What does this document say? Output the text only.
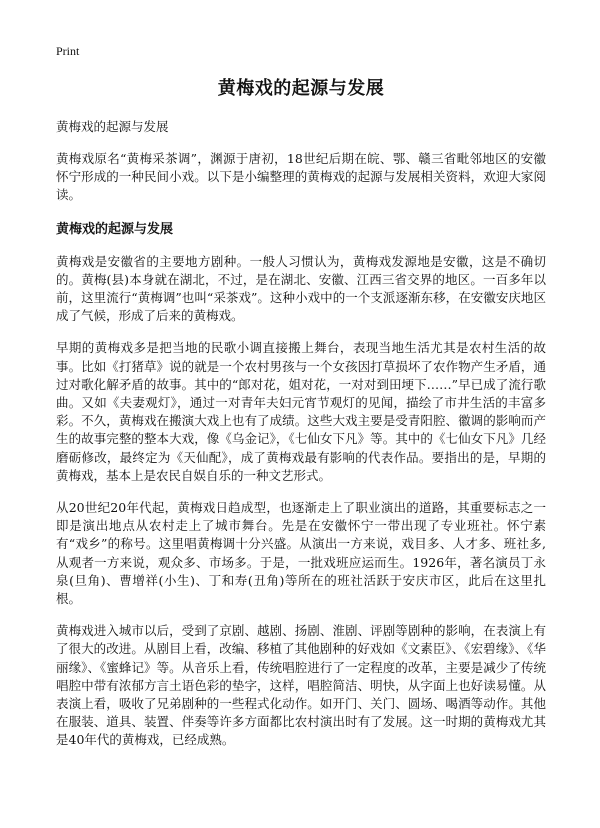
Print
黄梅戏的起源与发展

黄梅戏的起源与发展

黄梅戏原名“黄梅采茶调”，渊源于唐初，18世纪后期在皖、鄂、赣三省毗邻地区的安徽怀宁形成的一种民间小戏。以下是小编整理的黄梅戏的起源与发展相关资料，欢迎大家阅读。

黄梅戏的起源与发展

黄梅戏是安徽省的主要地方剧种。一般人习惯认为，黄梅戏发源地是安徽，这是不确切的。黄梅(县)本身就在湖北，不过，是在湖北、安徽、江西三省交界的地区。一百多年以前，这里流行“黄梅调”也叫“采茶戏”。这种小戏中的一个支派逐渐东移，在安徽安庆地区成了气候，形成了后来的黄梅戏。

早期的黄梅戏多是把当地的民歌小调直接搬上舞台，表现当地生活尤其是农村生活的故事。比如《打猪草》说的就是一个农村男孩与一个女孩因打草损坏了农作物产生矛盾，通过对歌化解矛盾的故事。其中的“郎对花，姐对花，一对对到田埂下……”早已成了流行歌曲。又如《夫妻观灯》，通过一对青年夫妇元宵节观灯的见闻，描绘了市井生活的丰富多彩。不久，黄梅戏在搬演大戏上也有了成绩。这些大戏主要是受青阳腔、徽调的影响而产生的故事完整的整本大戏，像《乌金记》，《七仙女下凡》等。其中的《七仙女下凡》几经磨砺修改，最终定为《天仙配》，成了黄梅戏最有影响的代表作品。要指出的是，早期的黄梅戏，基本上是农民自娱自乐的一种文艺形式。

从20世纪20年代起，黄梅戏日趋成型，也逐渐走上了职业演出的道路，其重要标志之一即是演出地点从农村走上了城市舞台。先是在安徽怀宁一带出现了专业班社。怀宁素有“戏乡”的称号。这里唱黄梅调十分兴盛。从演出一方来说，戏目多、人才多、班社多,从观者一方来说，观众多、市场多。于是，一批戏班应运而生。1926年，著名演员丁永泉(旦角)、曹增祥(小生)、丁和寿(丑角)等所在的班社活跃于安庆市区，此后在这里扎根。

黄梅戏进入城市以后，受到了京剧、越剧、扬剧、淮剧、评剧等剧种的影响，在表演上有了很大的改进。从剧目上看，改编、移植了其他剧种的好戏如《文素臣》、《宏碧缘》、《华丽缘》、《蜜蜂记》等。从音乐上看，传统唱腔进行了一定程度的改革，主要是减少了传统唱腔中带有浓郁方言土语色彩的垫字，这样，唱腔简洁、明快，从字面上也好读易懂。从表演上看，吸收了兄弟剧种的一些程式化动作。如开门、关门、圆场、喝酒等动作。其他在服装、道具、装置、伴奏等许多方面都比农村演出时有了发展。这一时期的黄梅戏尤其是40年代的黄梅戏，已经成熟。
